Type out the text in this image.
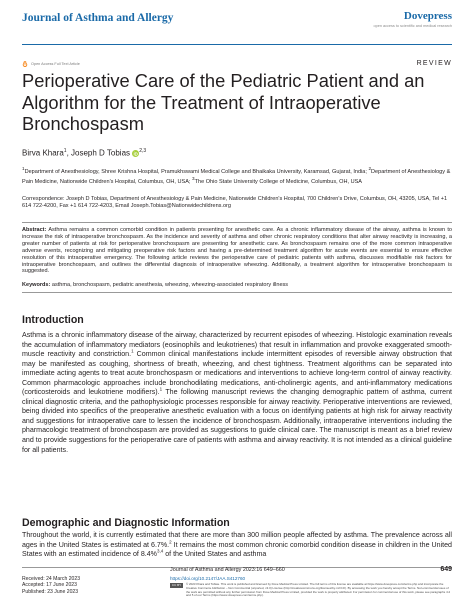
Journal of Asthma and Allergy	Dovepress
open access to scientific and medical research
Open Access Full Text Article	REVIEW
Perioperative Care of the Pediatric Patient and an Algorithm for the Treatment of Intraoperative Bronchospasm
Birva Khara$^1$, Joseph D Tobias $^{2,3}$
$^1$Department of Anesthesiology, Shree Krishna Hospital, Pramukhswami Medical College and Bhaikaka University, Karamsad, Gujarat, India; $^2$Department of Anesthesiology & Pain Medicine, Nationwide Children's Hospital, Columbus, OH, USA; $^3$The Ohio State University College of Medicine, Columbus, OH, USA
Correspondence: Joseph D Tobias, Department of Anesthesiology & Pain Medicine, Nationwide Children's Hospital, 700 Children's Drive, Columbus, OH, 43205, USA, Tel +1 614 722-4200, Fax +1 614 722-4203, Email Joseph.Tobias@Nationwidechildrens.org
Abstract: Asthma remains a common comorbid condition in patients presenting for anesthetic care. As a chronic inflammatory disease of the airway, asthma is known to increase the risk of intraoperative bronchospasm. As the incidence and severity of asthma and other chronic respiratory conditions that alter airway reactivity is increasing, a greater number of patients at risk for perioperative bronchospasm are presenting for anesthetic care. As bronchospasm remains one of the more common intraoperative adverse events, recognizing and mitigating preoperative risk factors and having a pre-determined treatment algorithm for acute events are essential to ensure effective resolution of this intraoperative emergency. The following article reviews the perioperative care of pediatric patients with asthma, discusses modifiable risk factors for intraoperative bronchospasm, and outlines the differential diagnosis of intraoperative wheezing. Additionally, a treatment algorithm for intraoperative bronchospasm is suggested.
Keywords: asthma, bronchospasm, pediatric anesthesia, wheezing, wheezing-associated respiratory illness
Introduction
Asthma is a chronic inflammatory disease of the airway, characterized by recurrent episodes of wheezing. Histologic examination reveals the accumulation of inflammatory mediators (eosinophils and leukotrienes) that result in inflammation and provoke exaggerated smooth-muscle reactivity and constriction.$^1$ Common clinical manifestations include intermittent episodes of reversible airway obstruction that may be manifested as coughing, shortness of breath, wheezing, and chest tightness. Treatment algorithms can be separated into immediate acting agents to treat acute bronchospasm or medications and interventions to achieve long-term control of airway reactivity. Common pharmacologic approaches include bronchodilating medications, anti-cholinergic agents, and anti-inflammatory medications (corticosteroids and leukotriene modifiers).$^1$ The following manuscript reviews the changing demographic pattern of asthma, current clinical diagnostic criteria, and the pathophysiologic processes responsible for airway reactivity. Perioperative interventions are reviewed, being divided into specifics of the preoperative anesthetic evaluation with a focus on identifying patients at high risk for airway reactivity and suggestions for intraoperative care to lessen the incidence of bronchospasm. Additionally, intraoperative interventions including the pharmacologic treatment of bronchospasm are provided as suggestions to guide clinical care. The manuscript is meant as a brief review and to provide suggestions for the perioperative care of patients with asthma and airway reactivity. It is not intended as a clinical guideline for all patients.
Demographic and Diagnostic Information
Throughout the world, it is currently estimated that there are more than 300 million people affected by asthma. The prevalence across all ages in the United States is estimated at 6.7%.$^2$ It remains the most common chronic comorbid condition disease in children in the United States with an estimated incidence of 8.4%$^{3,4}$ of the United States and asthma
Received: 24 March 2023
Accepted: 17 June 2023
Published: 23 June 2023
Journal of Asthma and Allergy 2023:16 649–660	649
https://doi.org/10.2147/JAA.S412760
CC BY NC
© 2023 Khara and Tobias. This work is published and licensed by Dove Medical Press Limited. The full terms of this license are available at https://www.dovepress.com/terms.php and incorporate the Creative Commons Attribution – Non Commercial (unported, v3.0) License (http://creativecommons.org/licenses/by-nc/3.0/). By accessing the work you hereby accept the Terms. Non-commercial uses of the work are permitted without any further permission from Dove Medical Press Limited, provided the work is properly attributed. For permission for commercial use of this work, please see paragraphs 4.2 and 5 of our Terms (https://www.dovepress.com/terms.php).
